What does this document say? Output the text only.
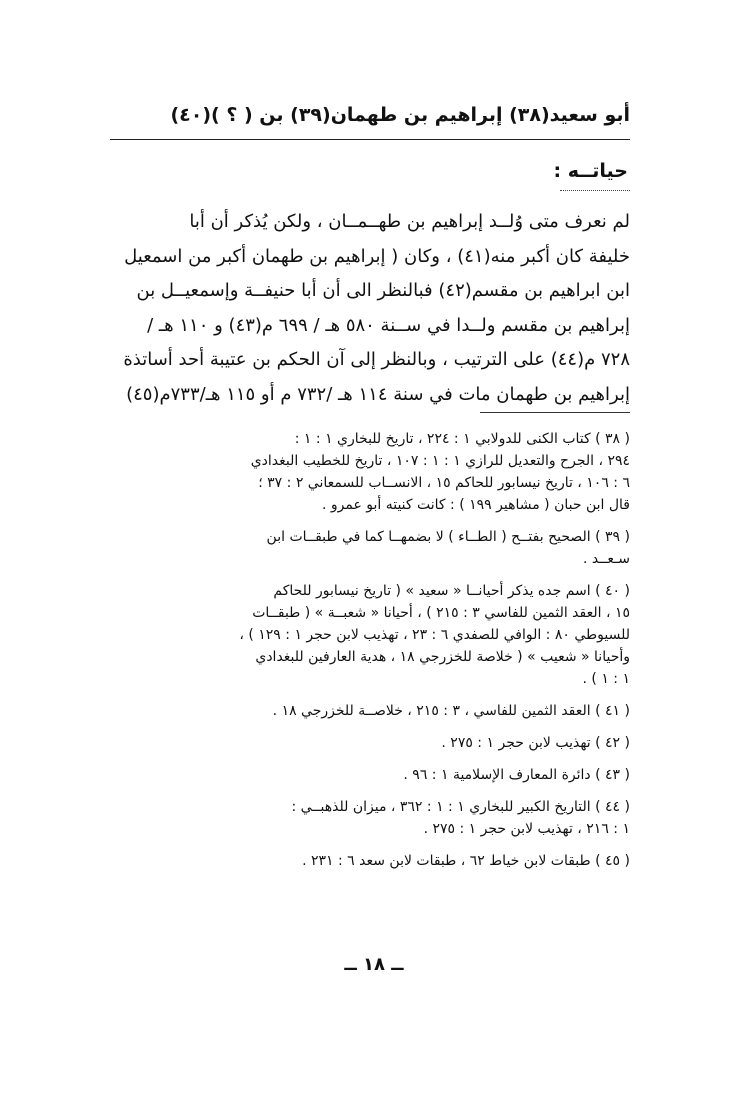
أبو سعيد(٣٨) إبراهيم بن طهمان(٣٩) بن ( ؟ )(٤٠)
حياتــه :
لم نعرف متى وُلــد إبراهيم بن طهــمــان ، ولكن يُذكر أن أبا
خليفة كان أكبر منه(٤١) ، وكان ( إبراهيم بن طهمان أكبر من اسمعيل
ابن ابراهيم بن مقسم(٤٢) فبالنظر الى أن أبا حنيفــة وإسمعيــل بن
إبراهيم بن مقسم ولــدا في ســنة ٥٨٠ هـ / ٦٩٩ م(٤٣) و ١١٠ هـ /
٧٢٨ م(٤٤) على الترتيب ، وبالنظر إلى آن الحكم بن عتيبة أحد أساتذة
إبراهيم بن طهمان مات في سنة ١١٤ هـ /٧٣٢ م أو ١١٥ هـ/٧٣٣م(٤٥)
( ٣٨ ) كتاب الكنى للدولابي ١ : ٢٢٤ ، تاريخ للبخاري ١ : ١ :
٢٩٤ ، الجرح والتعديل للرازي ١ : ١ : ١٠٧ ، تاريخ للخطيب البغدادي
٦ : ١٠٦ ، تاريخ نيسابور للحاكم ١٥ ، الانســاب للسمعاني ٢ : ٣٧ ؛
قال ابن حبان ( مشاهير ١٩٩ ) : كانت كنيته أبو عمرو .
( ٣٩ ) الصحيح بفتــح ( الطــاء ) لا بضمهــا كما في طبقــات ابن
سـعــد .
( ٤٠ ) اسم جده يذكر أحيانــا « سعيد » ( تاريخ نيسابور للحاكم
١٥ ، العقد الثمين للفاسي ٣ : ٢١٥ ) ، أحيانا « شعبــة » ( طبقــات
للسيوطي ٨٠ : الوافي للصفدي ٦ : ٢٣ ، تهذيب لابن حجر ١ : ١٢٩ ) ،
وأحيانا « شعيب » ( خلاصة للخزرجي ١٨ ، هدية العارفين للبغدادي
١ : ١ ) .
( ٤١ ) العقد الثمين للفاسي ، ٣ : ٢١٥ ، خلاصــة للخزرجي ١٨ .
( ٤٢ ) تهذيب لابن حجر ١ : ٢٧٥ .
( ٤٣ ) دائرة المعارف الإسلامية ١ : ٩٦ .
( ٤٤ ) التاريخ الكبير للبخاري ١ : ١ : ٣٦٢ ، ميزان للذهبــي :
١ : ٢١٦ ، تهذيب لابن حجر ١ : ٢٧٥ .
( ٤٥ ) طبقات لابن خياط ٦٢ ، طبقات لابن سعد ٦ : ٢٣١ .
ــ ١٨ ــ
